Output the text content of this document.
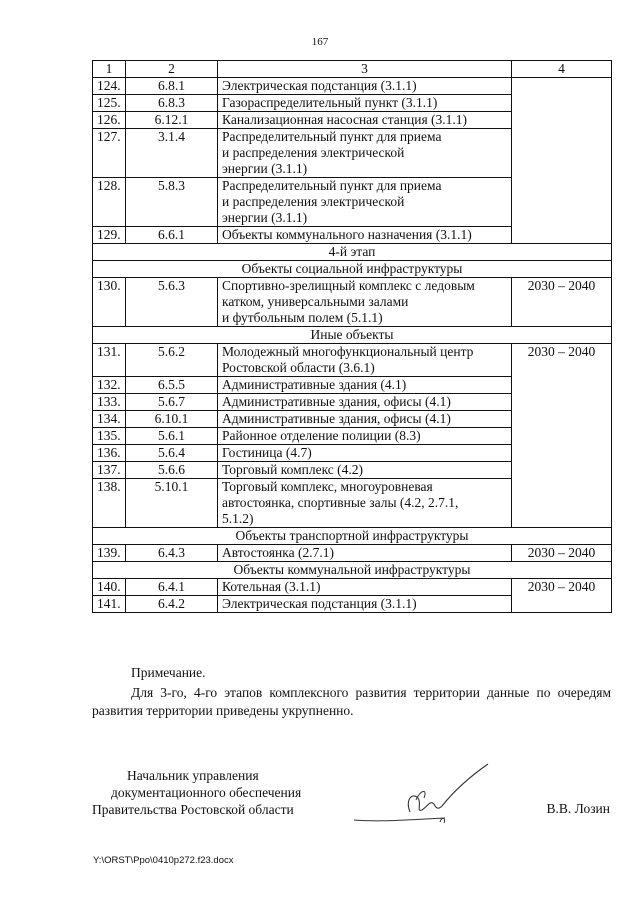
167
1	2	3	4
124.	6.8.1	Электрическая подстанция (3.1.1)	
125.	6.8.3	Газораспределительный пункт (3.1.1)	
126.	6.12.1	Канализационная насосная станция (3.1.1)	
127.	3.1.4	Распределительный пункт для приема
и распределения электрической
энергии (3.1.1)	

128.	5.8.3	Распределительный пункт для приема
и распределения электрической
энергии (3.1.1)	

129.	6.6.1	Объекты коммунального назначения (3.1.1)	
4-й этап			
Объекты социальной инфраструктуры			
130.	5.6.3	Спортивно-зрелищный комплекс с ледовым
катком, универсальными залами
и футбольным полем (5.1.1)	2030 – 2040
Иные объекты			
131.	5.6.2	Молодежный многофункциональный центр
Ростовской области (3.6.1)	2030 – 2040
132.	6.5.5	Административные здания (4.1)	
133.	5.6.7	Административные здания, офисы (4.1)	
134.	6.10.1	Административные здания, офисы (4.1)	
135.	5.6.1	Районное отделение полиции (8.3)	
136.	5.6.4	Гостиница (4.7)	
137.	5.6.6	Торговый комплекс (4.2)	
138.	5.10.1	Торговый комплекс, многоуровневая
автостоянка, спортивные залы (4.2, 2.7.1,
5.1.2)	

Объекты транспортной инфраструктуры			
139.	6.4.3	Автостоянка (2.7.1)	2030 – 2040
Объекты коммунальной инфраструктуры			
140.	6.4.1	Котельная (3.1.1)	2030 – 2040
141.	6.4.2	Электрическая подстанция (3.1.1)	
Примечание.
Для 3-го, 4-го этапов комплексного развития территории данные по очередям развития территории приведены укрупненно.
Начальник управления
документационного обеспечения
Правительства Ростовской области	В.В. Лозин
Y:\ORST\Ppo\0410p272.f23.docx
